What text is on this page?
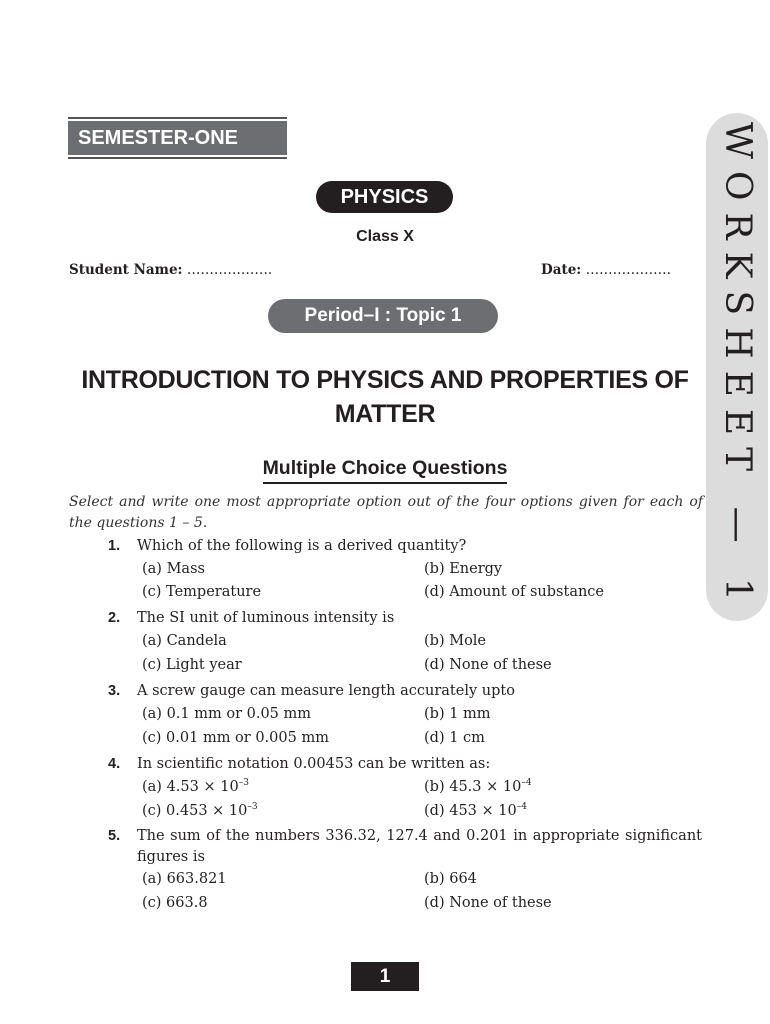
SEMESTER-ONE
PHYSICS
Class X
Student Name: ……………….	Date: ……………….
Period–I : Topic 1
INTRODUCTION TO PHYSICS AND PROPERTIES OF MATTER
Multiple Choice Questions
Select and write one most appropriate option out of the four options given for each of the questions 1 – 5.
1. Which of the following is a derived quantity?
(a) Mass	(b) Energy
(c) Temperature	(d) Amount of substance
2. The SI unit of luminous intensity is
(a) Candela	(b) Mole
(c) Light year	(d) None of these
3. A screw gauge can measure length accurately upto
(a) 0.1 mm or 0.05 mm	(b) 1 mm
(c) 0.01 mm or 0.005 mm	(d) 1 cm
4. In scientific notation 0.00453 can be written as:
(a) $4.53 \times 10^{-3}$	(b) $45.3 \times 10^{-4}$
(c) $0.453 \times 10^{-3}$	(d) $453 \times 10^{-4}$
5. The sum of the numbers 336.32, 127.4 and 0.201 in appropriate significant figures is
(a) 663.821	(b) 664
(c) 663.8	(d) None of these
WORKSHEET — 1
1
